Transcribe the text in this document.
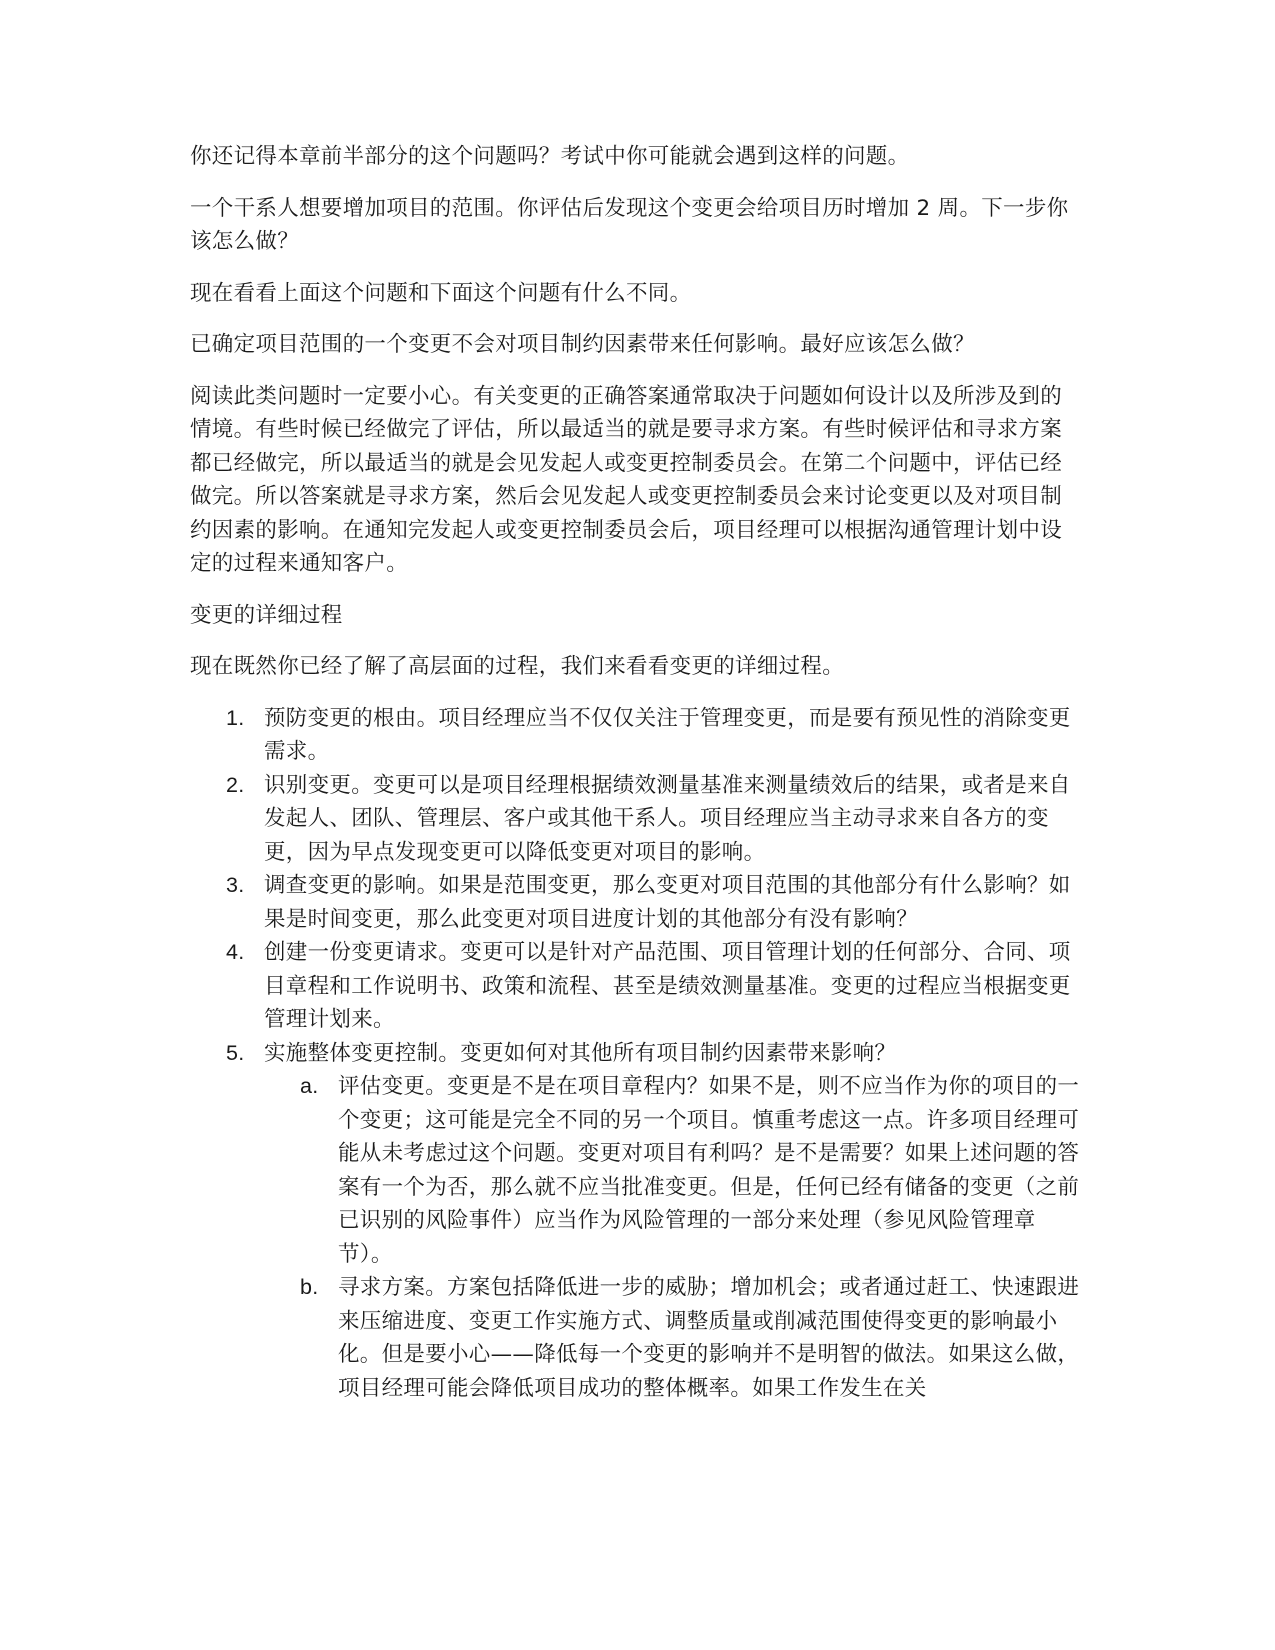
你还记得本章前半部分的这个问题吗？考试中你可能就会遇到这样的问题。

一个干系人想要增加项目的范围。你评估后发现这个变更会给项目历时增加 2 周。下一步你该怎么做？

现在看看上面这个问题和下面这个问题有什么不同。

已确定项目范围的一个变更不会对项目制约因素带来任何影响。最好应该怎么做？

阅读此类问题时一定要小心。有关变更的正确答案通常取决于问题如何设计以及所涉及到的情境。有些时候已经做完了评估，所以最适当的就是要寻求方案。有些时候评估和寻求方案都已经做完，所以最适当的就是会见发起人或变更控制委员会。在第二个问题中，评估已经做完。所以答案就是寻求方案，然后会见发起人或变更控制委员会来讨论变更以及对项目制约因素的影响。在通知完发起人或变更控制委员会后，项目经理可以根据沟通管理计划中设定的过程来通知客户。

变更的详细过程

现在既然你已经了解了高层面的过程，我们来看看变更的详细过程。

1. 预防变更的根由。项目经理应当不仅仅关注于管理变更，而是要有预见性的消除变更需求。
2. 识别变更。变更可以是项目经理根据绩效测量基准来测量绩效后的结果，或者是来自发起人、团队、管理层、客户或其他干系人。项目经理应当主动寻求来自各方的变更，因为早点发现变更可以降低变更对项目的影响。
3. 调查变更的影响。如果是范围变更，那么变更对项目范围的其他部分有什么影响？如果是时间变更，那么此变更对项目进度计划的其他部分有没有影响？
4. 创建一份变更请求。变更可以是针对产品范围、项目管理计划的任何部分、合同、项目章程和工作说明书、政策和流程、甚至是绩效测量基准。变更的过程应当根据变更管理计划来。
5. 实施整体变更控制。变更如何对其他所有项目制约因素带来影响？
a. 评估变更。变更是不是在项目章程内？如果不是，则不应当作为你的项目的一个变更；这可能是完全不同的另一个项目。慎重考虑这一点。许多项目经理可能从未考虑过这个问题。变更对项目有利吗？是不是需要？如果上述问题的答案有一个为否，那么就不应当批准变更。但是，任何已经有储备的变更（之前已识别的风险事件）应当作为风险管理的一部分来处理（参见风险管理章节）。
b. 寻求方案。方案包括降低进一步的威胁；增加机会；或者通过赶工、快速跟进来压缩进度、变更工作实施方式、调整质量或削减范围使得变更的影响最小化。但是要小心——降低每一个变更的影响并不是明智的做法。如果这么做，项目经理可能会降低项目成功的整体概率。如果工作发生在关
